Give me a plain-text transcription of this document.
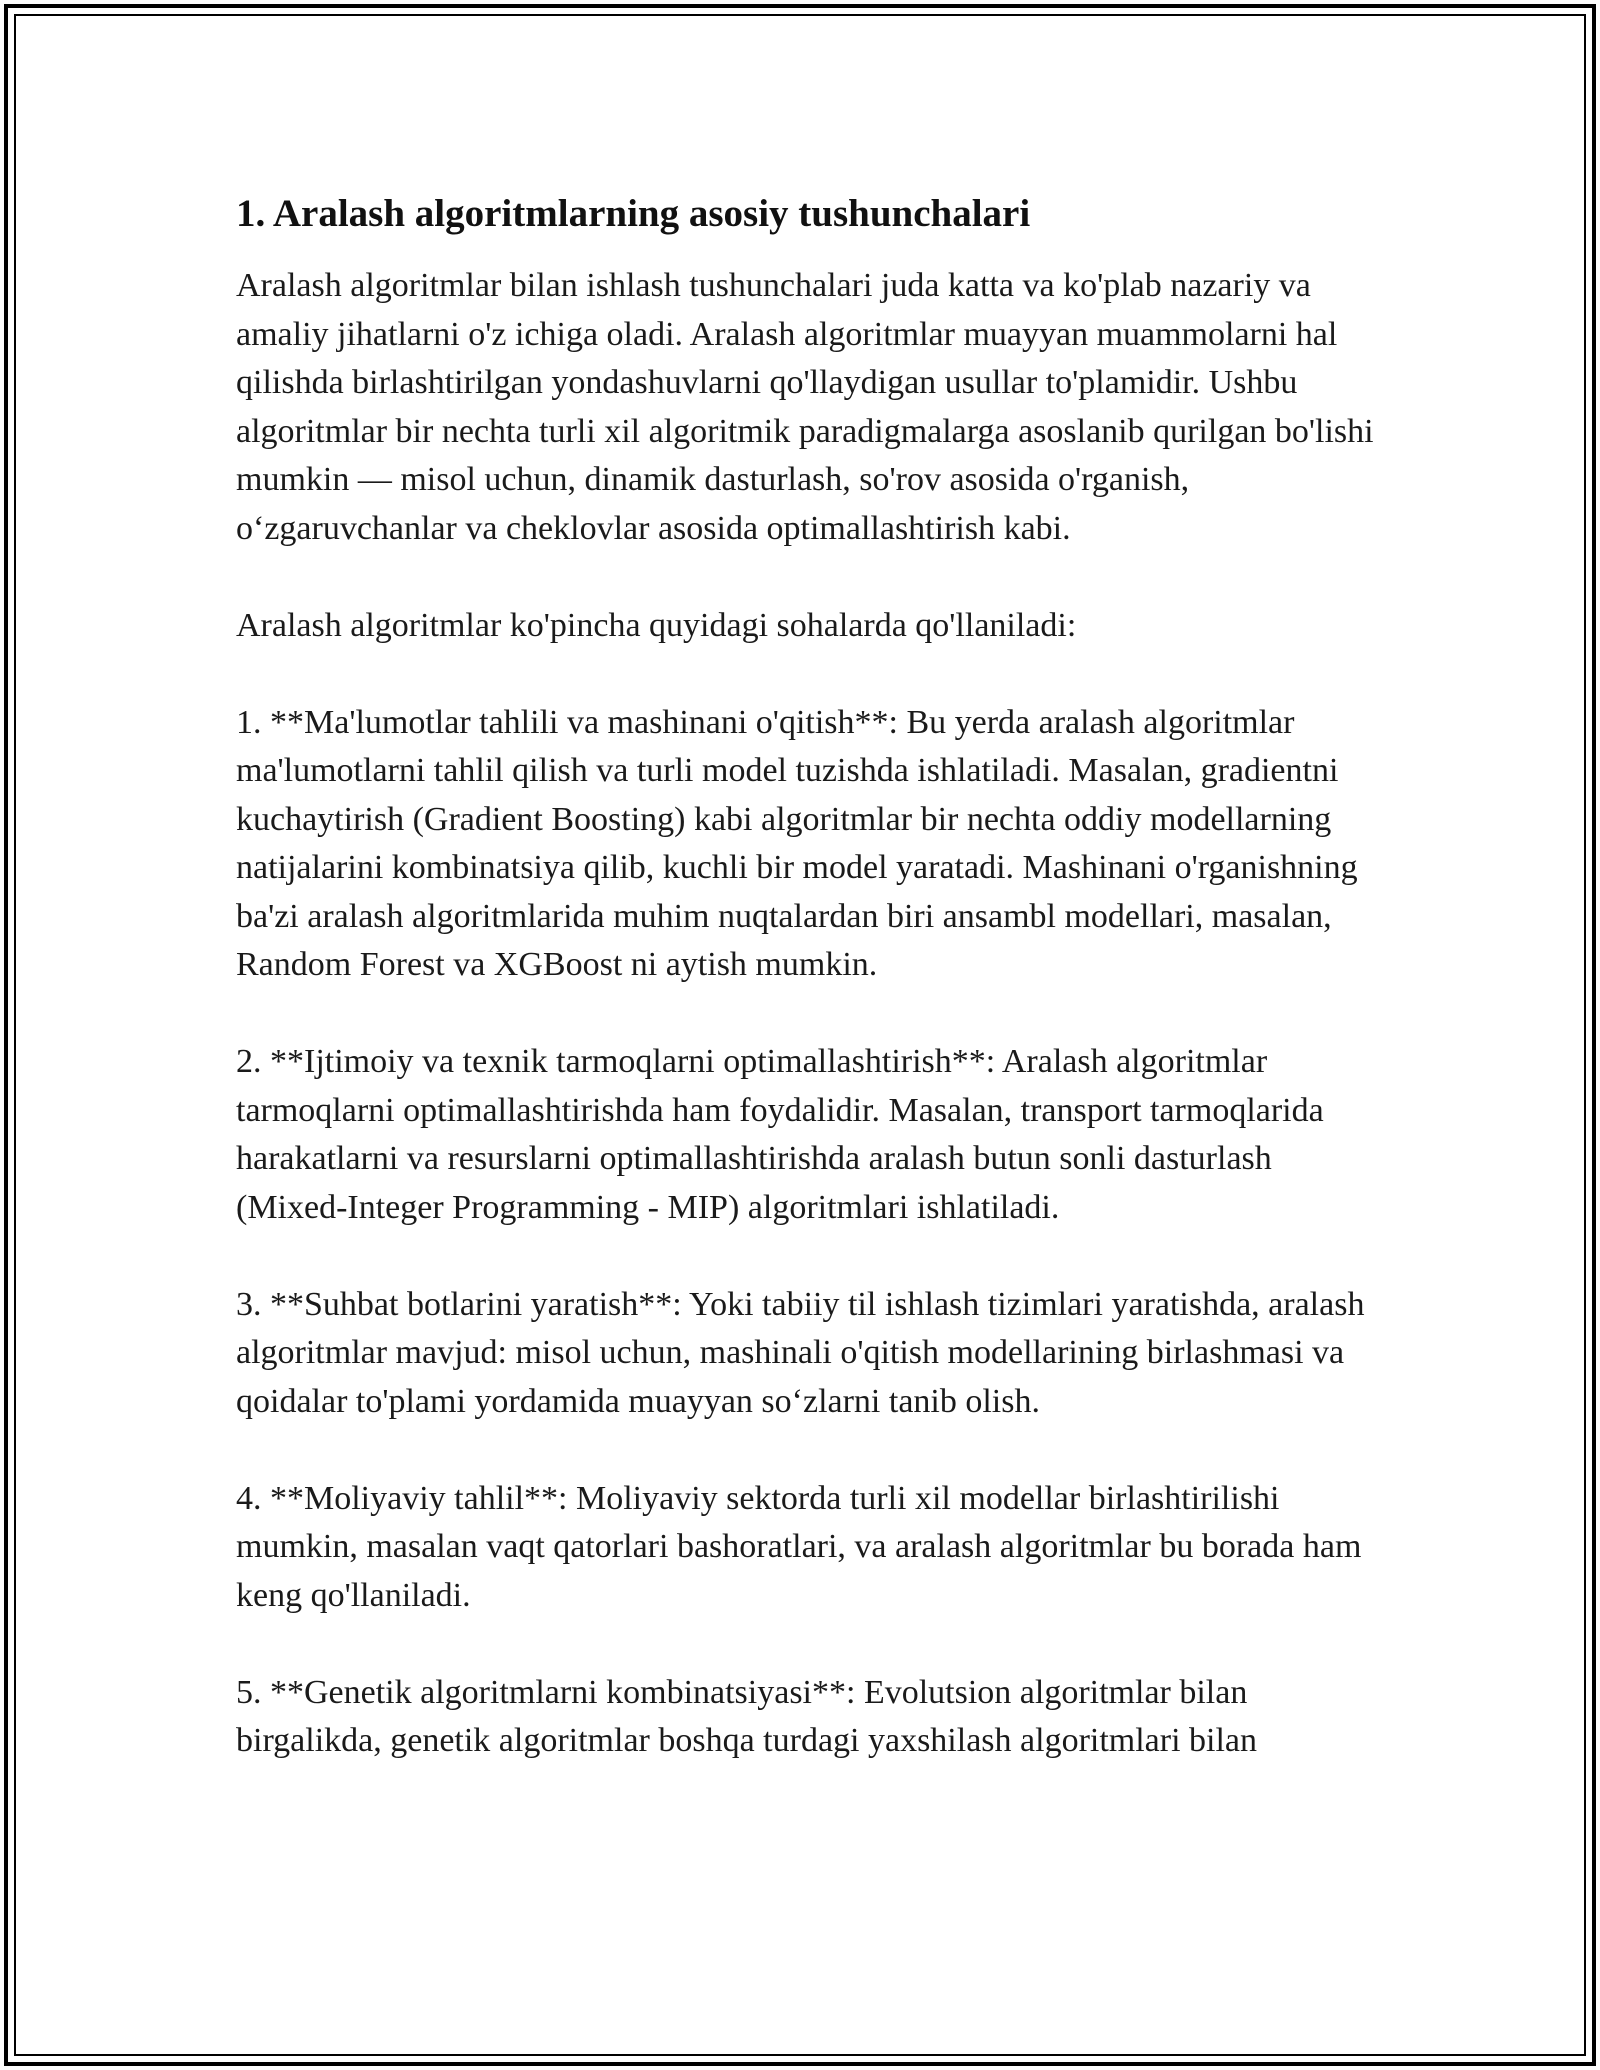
1. Aralash algoritmlarning asosiy tushunchalari

Aralash algoritmlar bilan ishlash tushunchalari juda katta va ko'plab nazariy va amaliy jihatlarni o'z ichiga oladi. Aralash algoritmlar muayyan muammolarni hal qilishda birlashtirilgan yondashuvlarni qo'llaydigan usullar to'plamidir. Ushbu algoritmlar bir nechta turli xil algoritmik paradigmalarga asoslanib qurilgan bo'lishi mumkin — misol uchun, dinamik dasturlash, so'rov asosida o'rganish, o‘zgaruvchanlar va cheklovlar asosida optimallashtirish kabi.

Aralash algoritmlar ko'pincha quyidagi sohalarda qo'llaniladi:

1. **Ma'lumotlar tahlili va mashinani o'qitish**: Bu yerda aralash algoritmlar ma'lumotlarni tahlil qilish va turli model tuzishda ishlatiladi. Masalan, gradientni kuchaytirish (Gradient Boosting) kabi algoritmlar bir nechta oddiy modellarning natijalarini kombinatsiya qilib, kuchli bir model yaratadi. Mashinani o'rganishning ba'zi aralash algoritmlarida muhim nuqtalardan biri ansambl modellari, masalan, Random Forest va XGBoost ni aytish mumkin.

2. **Ijtimoiy va texnik tarmoqlarni optimallashtirish**: Aralash algoritmlar tarmoqlarni optimallashtirishda ham foydalidir. Masalan, transport tarmoqlarida harakatlarni va resurslarni optimallashtirishda aralash butun sonli dasturlash (Mixed-Integer Programming - MIP) algoritmlari ishlatiladi.

3. **Suhbat botlarini yaratish**: Yoki tabiiy til ishlash tizimlari yaratishda, aralash algoritmlar mavjud: misol uchun, mashinali o'qitish modellarining birlashmasi va qoidalar to'plami yordamida muayyan so‘zlarni tanib olish.

4. **Moliyaviy tahlil**: Moliyaviy sektorda turli xil modellar birlashtirilishi mumkin, masalan vaqt qatorlari bashoratlari, va aralash algoritmlar bu borada ham keng qo'llaniladi.

5. **Genetik algoritmlarni kombinatsiyasi**: Evolutsion algoritmlar bilan birgalikda, genetik algoritmlar boshqa turdagi yaxshilash algoritmlari bilan
